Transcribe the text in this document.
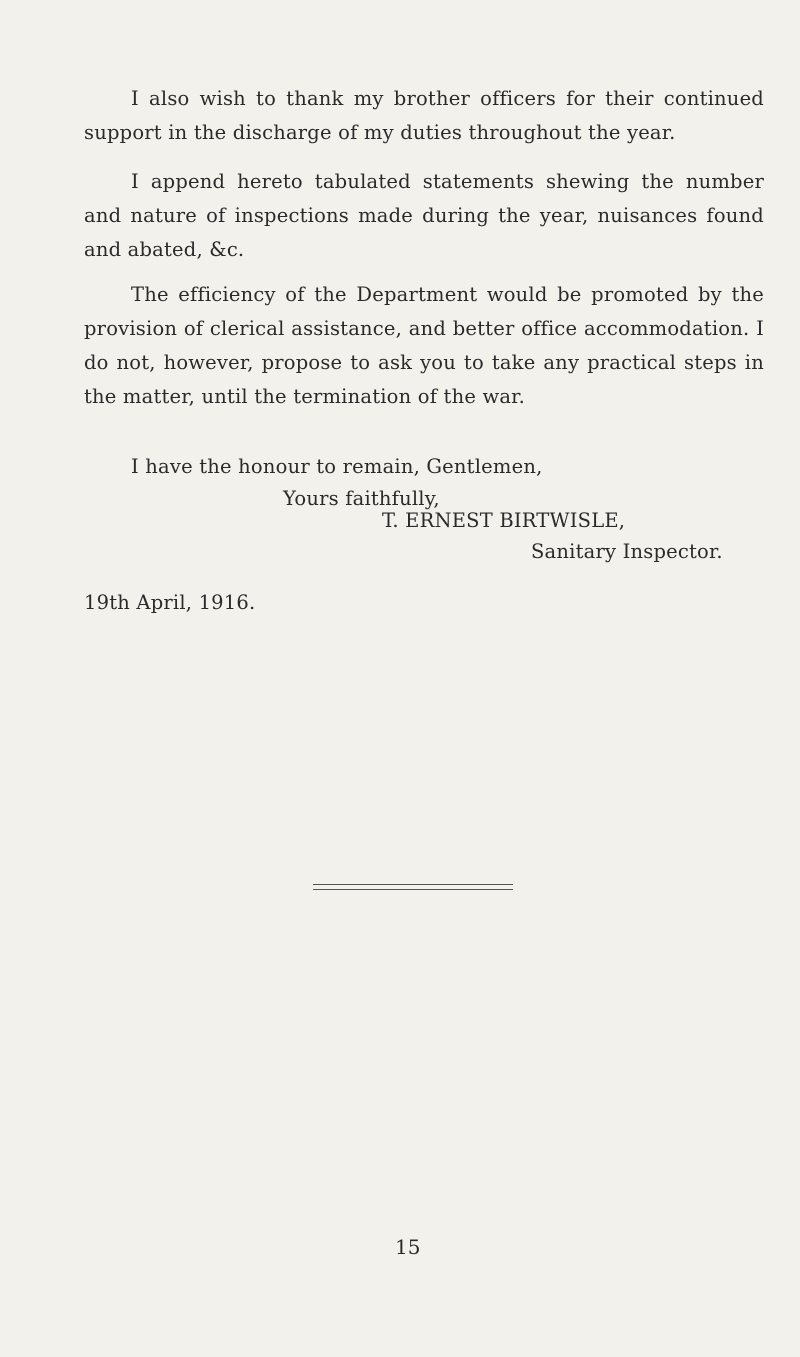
I also wish to thank my brother officers for their continued support in the discharge of my duties throughout the year.

I append hereto tabulated statements shewing the number and nature of inspections made during the year, nuisances found and abated, &c.

The efficiency of the Department would be promoted by the provision of clerical assistance, and better office accommodation. I do not, however, propose to ask you to take any practical steps in the matter, until the termination of the war.

I have the honour to remain, Gentlemen,

Yours faithfully,

T. ERNEST BIRTWISLE,

Sanitary Inspector.

19th April, 1916.

15
